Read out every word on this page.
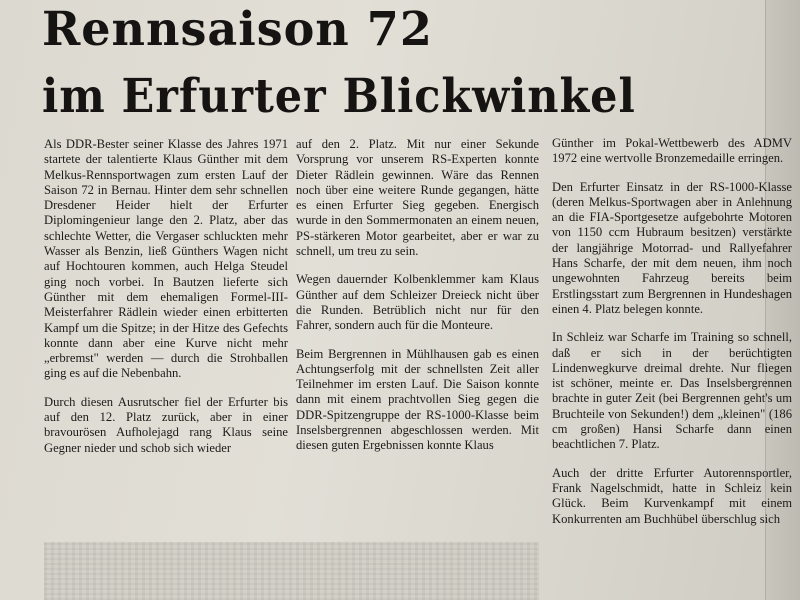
Rennsaison 72
im Erfurter Blickwinkel

Als DDR-Bester seiner Klasse des Jahres 1971 startete der talentierte Klaus Günther mit dem Melkus-Rennsportwagen zum ersten Lauf der Saison 72 in Bernau. Hinter dem sehr schnellen Dresdener Heider hielt der Erfurter Diplomingenieur lange den 2. Platz, aber das schlechte Wetter, die Vergaser schluckten mehr Wasser als Benzin, ließ Günthers Wagen nicht auf Hochtouren kommen, auch Helga Steudel ging noch vorbei. In Bautzen lieferte sich Günther mit dem ehemaligen Formel-III-Meisterfahrer Rädlein wieder einen erbitterten Kampf um die Spitze; in der Hitze des Gefechts konnte dann aber eine Kurve nicht mehr „erbremst" werden — durch die Strohballen ging es auf die Nebenbahn.

Durch diesen Ausrutscher fiel der Erfurter bis auf den 12. Platz zurück, aber in einer bravourösen Aufholejagd rang Klaus seine Gegner nieder und schob sich wieder

auf den 2. Platz. Mit nur einer Sekunde Vorsprung vor unserem RS-Experten konnte Dieter Rädlein gewinnen. Wäre das Rennen noch über eine weitere Runde gegangen, hätte es einen Erfurter Sieg gegeben. Energisch wurde in den Sommermonaten an einem neuen, PS-stärkeren Motor gearbeitet, aber er war zu schnell, um treu zu sein.

Wegen dauernder Kolbenklemmer kam Klaus Günther auf dem Schleizer Dreieck nicht über die Runden. Betrüblich nicht nur für den Fahrer, sondern auch für die Monteure.

Beim Bergrennen in Mühlhausen gab es einen Achtungserfolg mit der schnellsten Zeit aller Teilnehmer im ersten Lauf. Die Saison konnte dann mit einem prachtvollen Sieg gegen die DDR-Spitzengruppe der RS-1000-Klasse beim Inselsbergrennen abgeschlossen werden. Mit diesen guten Ergebnissen konnte Klaus

Günther im Pokal-Wettbewerb des ADMV 1972 eine wertvolle Bronzemedaille erringen.

Den Erfurter Einsatz in der RS-1000-Klasse (deren Melkus-Sportwagen aber in Anlehnung an die FIA-Sportgesetze aufgebohrte Motoren von 1150 ccm Hubraum besitzen) verstärkte der langjährige Motorrad- und Rallyefahrer Hans Scharfe, der mit dem neuen, ihm noch ungewohnten Fahrzeug bereits beim Erstlingsstart zum Bergrennen in Hundeshagen einen 4. Platz belegen konnte.

In Schleiz war Scharfe im Training so schnell, daß er sich in der berüchtigten Lindenwegkurve dreimal drehte. Nur fliegen ist schöner, meinte er. Das Inselsbergrennen brachte in guter Zeit (bei Bergrennen geht's um Bruchteile von Sekunden!) dem „kleinen" (186 cm großen) Hansi Scharfe dann einen beachtlichen 7. Platz.

Auch der dritte Erfurter Autorennsportler, Frank Nagelschmidt, hatte in Schleiz kein Glück. Beim Kurvenkampf mit einem Konkurrenten am Buchhübel überschlug sich
